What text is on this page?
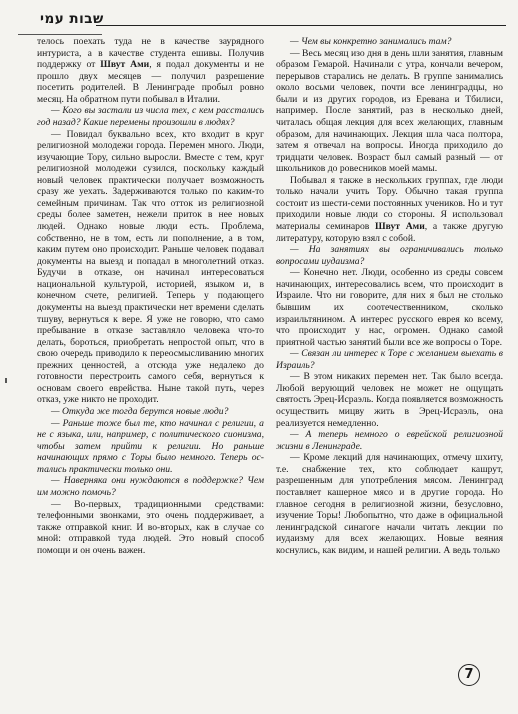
שבות עמי

телось поехать туда не в качестве заурядного интуриста, а в качестве студента ешивы. Получив поддержку от Швут Ами, я подал документы и не прошло двух месяцев — получил разрешение посетить родителей. В Ленинграде пробыл ровно месяц. На обратном пути побывал в Италии.

— Кого вы застали из числа тех, с кем расстались год назад? Какие перемены произошли в людях?

— Повидал буквально всех, кто входит в круг религиозной молодежи города. Перемен много. Люди, изучающие Тору, сильно выросли. Вместе с тем, круг религиозной молодежи сузился, поскольку каждый новый человек практически получает возможность сразу же уехать. Задерживаются только по каким-то семейным причинам. Так что отток из религиозной среды более заметен, нежели приток в нее новых людей. Однако новые люди есть. Проблема, собственно, не в том, есть ли пополнение, а в том, каким путем оно происходит. Раньше человек подавал документы на выезд и попадал в многолетний отказ. Будучи в отказе, он начинал интересоваться национальной культурой, историей, языком и, в конечном счете, религией. Теперь у подающего документы на выезд практически нет времени сделать тшуву, вернуться к вере. Я уже не говорю, что само пребывание в отказе заставляло человека что-то делать, бороться, приобретать непростой опыт, что в свою очередь приводило к переосмысливанию многих прежних ценностей, а отсюда уже недалеко до готовности перестроить самого себя, вернуться к основам своего еврейства. Ныне такой путь, через отказ, уже никто не проходит.

— Откуда же тогда берутся новые люди?

— Раньше тоже был те, кто начинал с религии, а не с языка, или, например, с политического сионизма, чтобы затем прийти к религии. Но раньше начинающих прямо с Торы было немного. Теперь остались практически только они.

— Наверняка они нуждаются в поддержке? Чем им можно помочь?

— Во-первых, традиционными средствами: телефонными звонками, это очень поддерживает, а также отправкой книг. И во-вторых, как в случае со мной: отправкой туда людей. Это новый способ помощи и он очень важен.

— Чем вы конкретно занимались там?

— Весь месяц изо дня в день шли занятия, главным образом Гемарой. Начинали с утра, кончали вечером, перерывов старались не делать. В группе занимались около восьми человек, почти все ленинградцы, но были и из других городов, из Еревана и Тбилиси, например. После занятий, раз в несколько дней, читалась общая лекция для всех желающих, главным образом, для начинающих. Лекция шла часа полтора, затем я отвечал на вопросы. Иногда приходило до тридцати человек. Возраст был самый разный — от школьников до ровесников моей мамы.

Побывал я также в нескольких группах, где люди только начали учить Тору. Обычно такая группа состоит из шести-семи постоянных учеников. Но и тут приходили новые люди со стороны. Я использовал материалы семинаров Швут Ами, а также другую литературу, которую взял с собой.

— На занятиях вы ограничивались только вопросами иудаизма?

— Конечно нет. Люди, особенно из среды совсем начинающих, интересовались всем, что происходит в Израиле. Что ни говорите, для них я был не столько бывшим их соотечественником, сколько израильтянином. А интерес русского еврея ко всему, что происходит у нас, огромен. Однако самой приятной частью занятий были все же вопросы о Торе.

— Связан ли интерес к Торе с желанием выехать в Израиль?

— В этом никаких перемен нет. Так было всегда. Любой верующий человек не может не ощущать святость Эрец-Исраэль. Когда появляется возможность осуществить мицву жить в Эрец-Исраэль, она реализуется немедленно.

— А теперь немного о еврейской религиозной жизни в Ленинграде.

— Кроме лекций для начинающих, отмечу шхиту, т.е. снабжение тех, кто соблюдает кашрут, разрешенным для употребления мясом. Ленинград поставляет кашерное мясо и в другие города. Но главное сегодня в религиозной жизни, безусловно, изучение Торы! Любопытно, что даже в официальной ленинградской синагоге начали читать лекции по иудаизму для всех желающих. Новые веяния коснулись, как видим, и нашей религии. А ведь только

7
